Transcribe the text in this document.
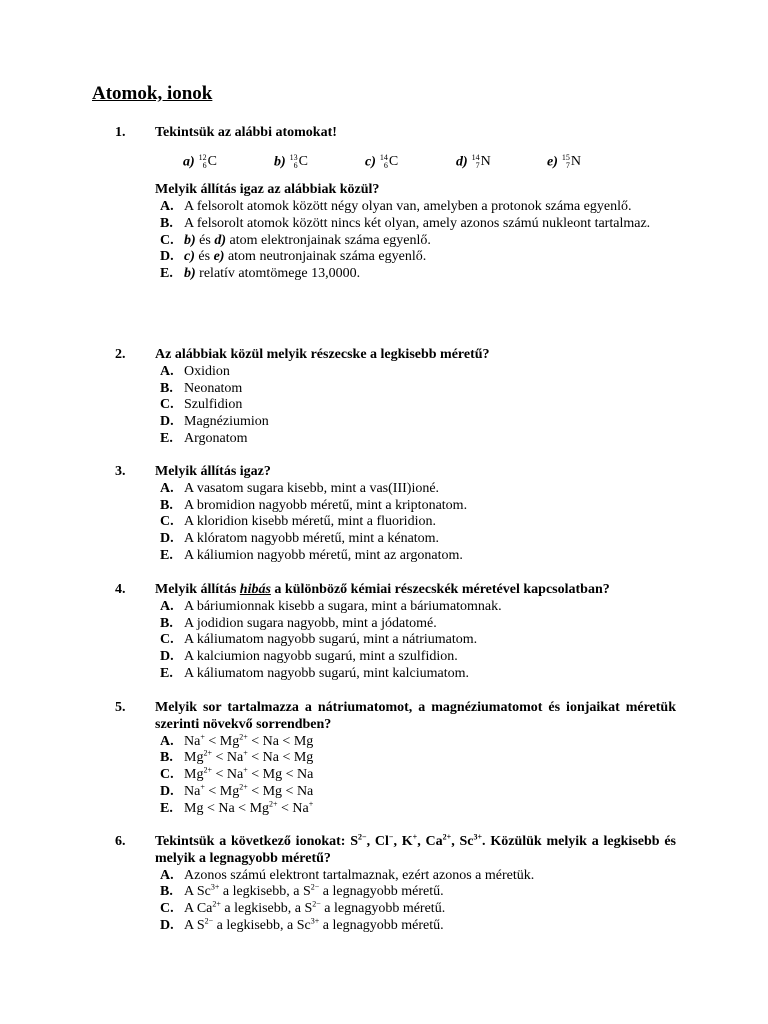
Atomok, ionok
1. Tekintsük az alábbi atomokat!
a) 12
6 C	b) 13
6 C	c) 14
6 C	d) 14
7 N	e) 15
7 N
Melyik állítás igaz az alábbiak közül?
A. A felsorolt atomok között négy olyan van, amelyben a protonok száma egyenlő.
B. A felsorolt atomok között nincs két olyan, amely azonos számú nukleont tartalmaz.
C. b) és d) atom elektronjainak száma egyenlő.
D. c) és e) atom neutronjainak száma egyenlő.
E. b) relatív atomtömege 13,0000.
2. Az alábbiak közül melyik részecske a legkisebb méretű?
A. Oxidion
B. Neonatom
C. Szulfidion
D. Magnéziumion
E. Argonatom
3. Melyik állítás igaz?
A. A vasatom sugara kisebb, mint a vas(III)ioné.
B. A bromidion nagyobb méretű, mint a kriptonatom.
C. A kloridion kisebb méretű, mint a fluoridion.
D. A klóratom nagyobb méretű, mint a kénatom.
E. A káliumion nagyobb méretű, mint az argonatom.
4. Melyik állítás hibás a különböző kémiai részecskék méretével kapcsolatban?
A. A báriumionnak kisebb a sugara, mint a báriumatomnak.
B. A jodidion sugara nagyobb, mint a jódatomé.
C. A káliumatom nagyobb sugarú, mint a nátriumatom.
D. A kalciumion nagyobb sugarú, mint a szulfidion.
E. A káliumatom nagyobb sugarú, mint kalciumatom.
5. Melyik sor tartalmazza a nátriumatomot, a magnéziumatomot és ionjaikat méretük szerinti növekvő sorrendben?
A. $Na^+ < Mg^{2+} < Na < Mg$
B. $Mg^{2+} < Na^+ < Na < Mg$
C. $Mg^{2+} < Na^+ < Mg < Na$
D. $Na^+ < Mg^{2+} < Mg < Na$
E. $Mg < Na < Mg^{2+} < Na^+$
6. Tekintsük a következő ionokat: $S^{2-}$, Cl−, K+, $Ca^{2+}$, $Sc^{3+}$. Közülük melyik a legkisebb és melyik a legnagyobb méretű?
A. Azonos számú elektront tartalmaznak, ezért azonos a méretük.
B. A $Sc^{3+}$ a legkisebb, a $S^{2-}$ a legnagyobb méretű.
C. A $Ca^{2+}$ a legkisebb, a $S^{2-}$ a legnagyobb méretű.
D. A $S^{2-}$ a legkisebb, a $Sc^{3+}$ a legnagyobb méretű.
